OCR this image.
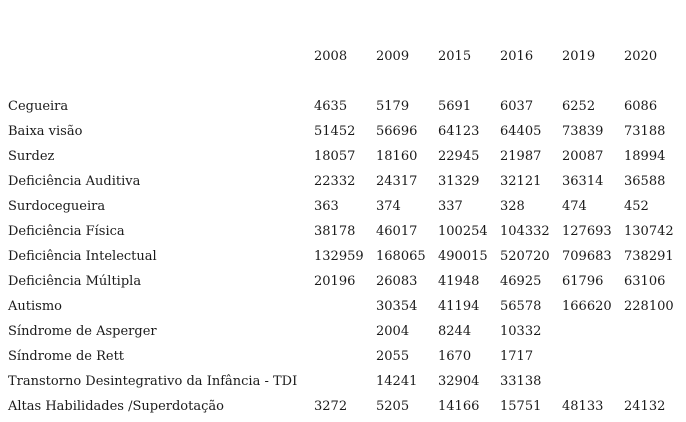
	2008	2009	2015	2016	2019	2020

Cegueira	4635	5179	5691	6037	6252	6086
Baixa visão	51452	56696	64123	64405	73839	73188
Surdez	18057	18160	22945	21987	20087	18994
Deficiência Auditiva	22332	24317	31329	32121	36314	36588
Surdocegueira	363	374	337	328	474	452
Deficiência Física	38178	46017	100254	104332	127693	130742
Deficiência Intelectual	132959	168065	490015	520720	709683	738291
Deficiência Múltipla	20196	26083	41948	46925	61796	63106
Autismo		30354	41194	56578	166620	228100
Síndrome de Asperger		2004	8244	10332		
Síndrome de Rett		2055	1670	1717		
Transtorno Desintegrativo da Infância - TDI		14241	32904	33138		
Altas Habilidades /Superdotação	3272	5205	14166	15751	48133	24132
